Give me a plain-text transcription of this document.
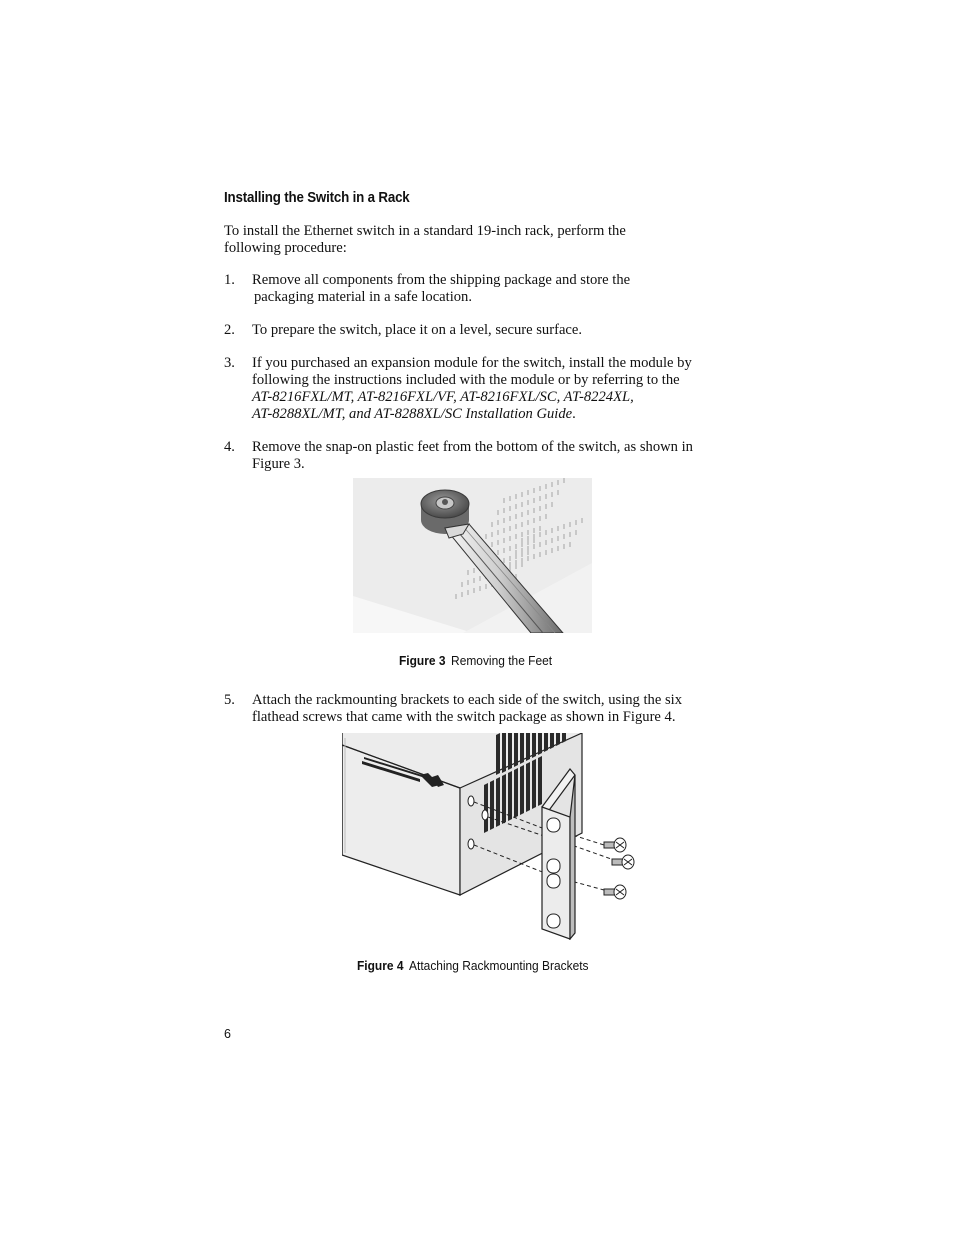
Installing the Switch in a Rack

To install the Ethernet switch in a standard 19-inch rack, perform the
following procedure:

1.	Remove all components from the shipping package and store the
packaging material in a safe location.
2.	To prepare the switch, place it on a level, secure surface.
3.	If you purchased an expansion module for the switch, install the module by
following the instructions included with the module or by referring to the
AT-8216FXL/MT, AT-8216FXL/VF, AT-8216FXL/SC, AT-8224XL,
AT-8288XL/MT, and AT-8288XL/SC Installation Guide.
4.	Remove the snap-on plastic feet from the bottom of the switch, as shown in
Figure 3.
Figure 3 Removing the Feet
5.	Attach the rackmounting brackets to each side of the switch, using the six
flathead screws that came with the switch package as shown in Figure 4.
Figure 4 Attaching Rackmounting Brackets
6
